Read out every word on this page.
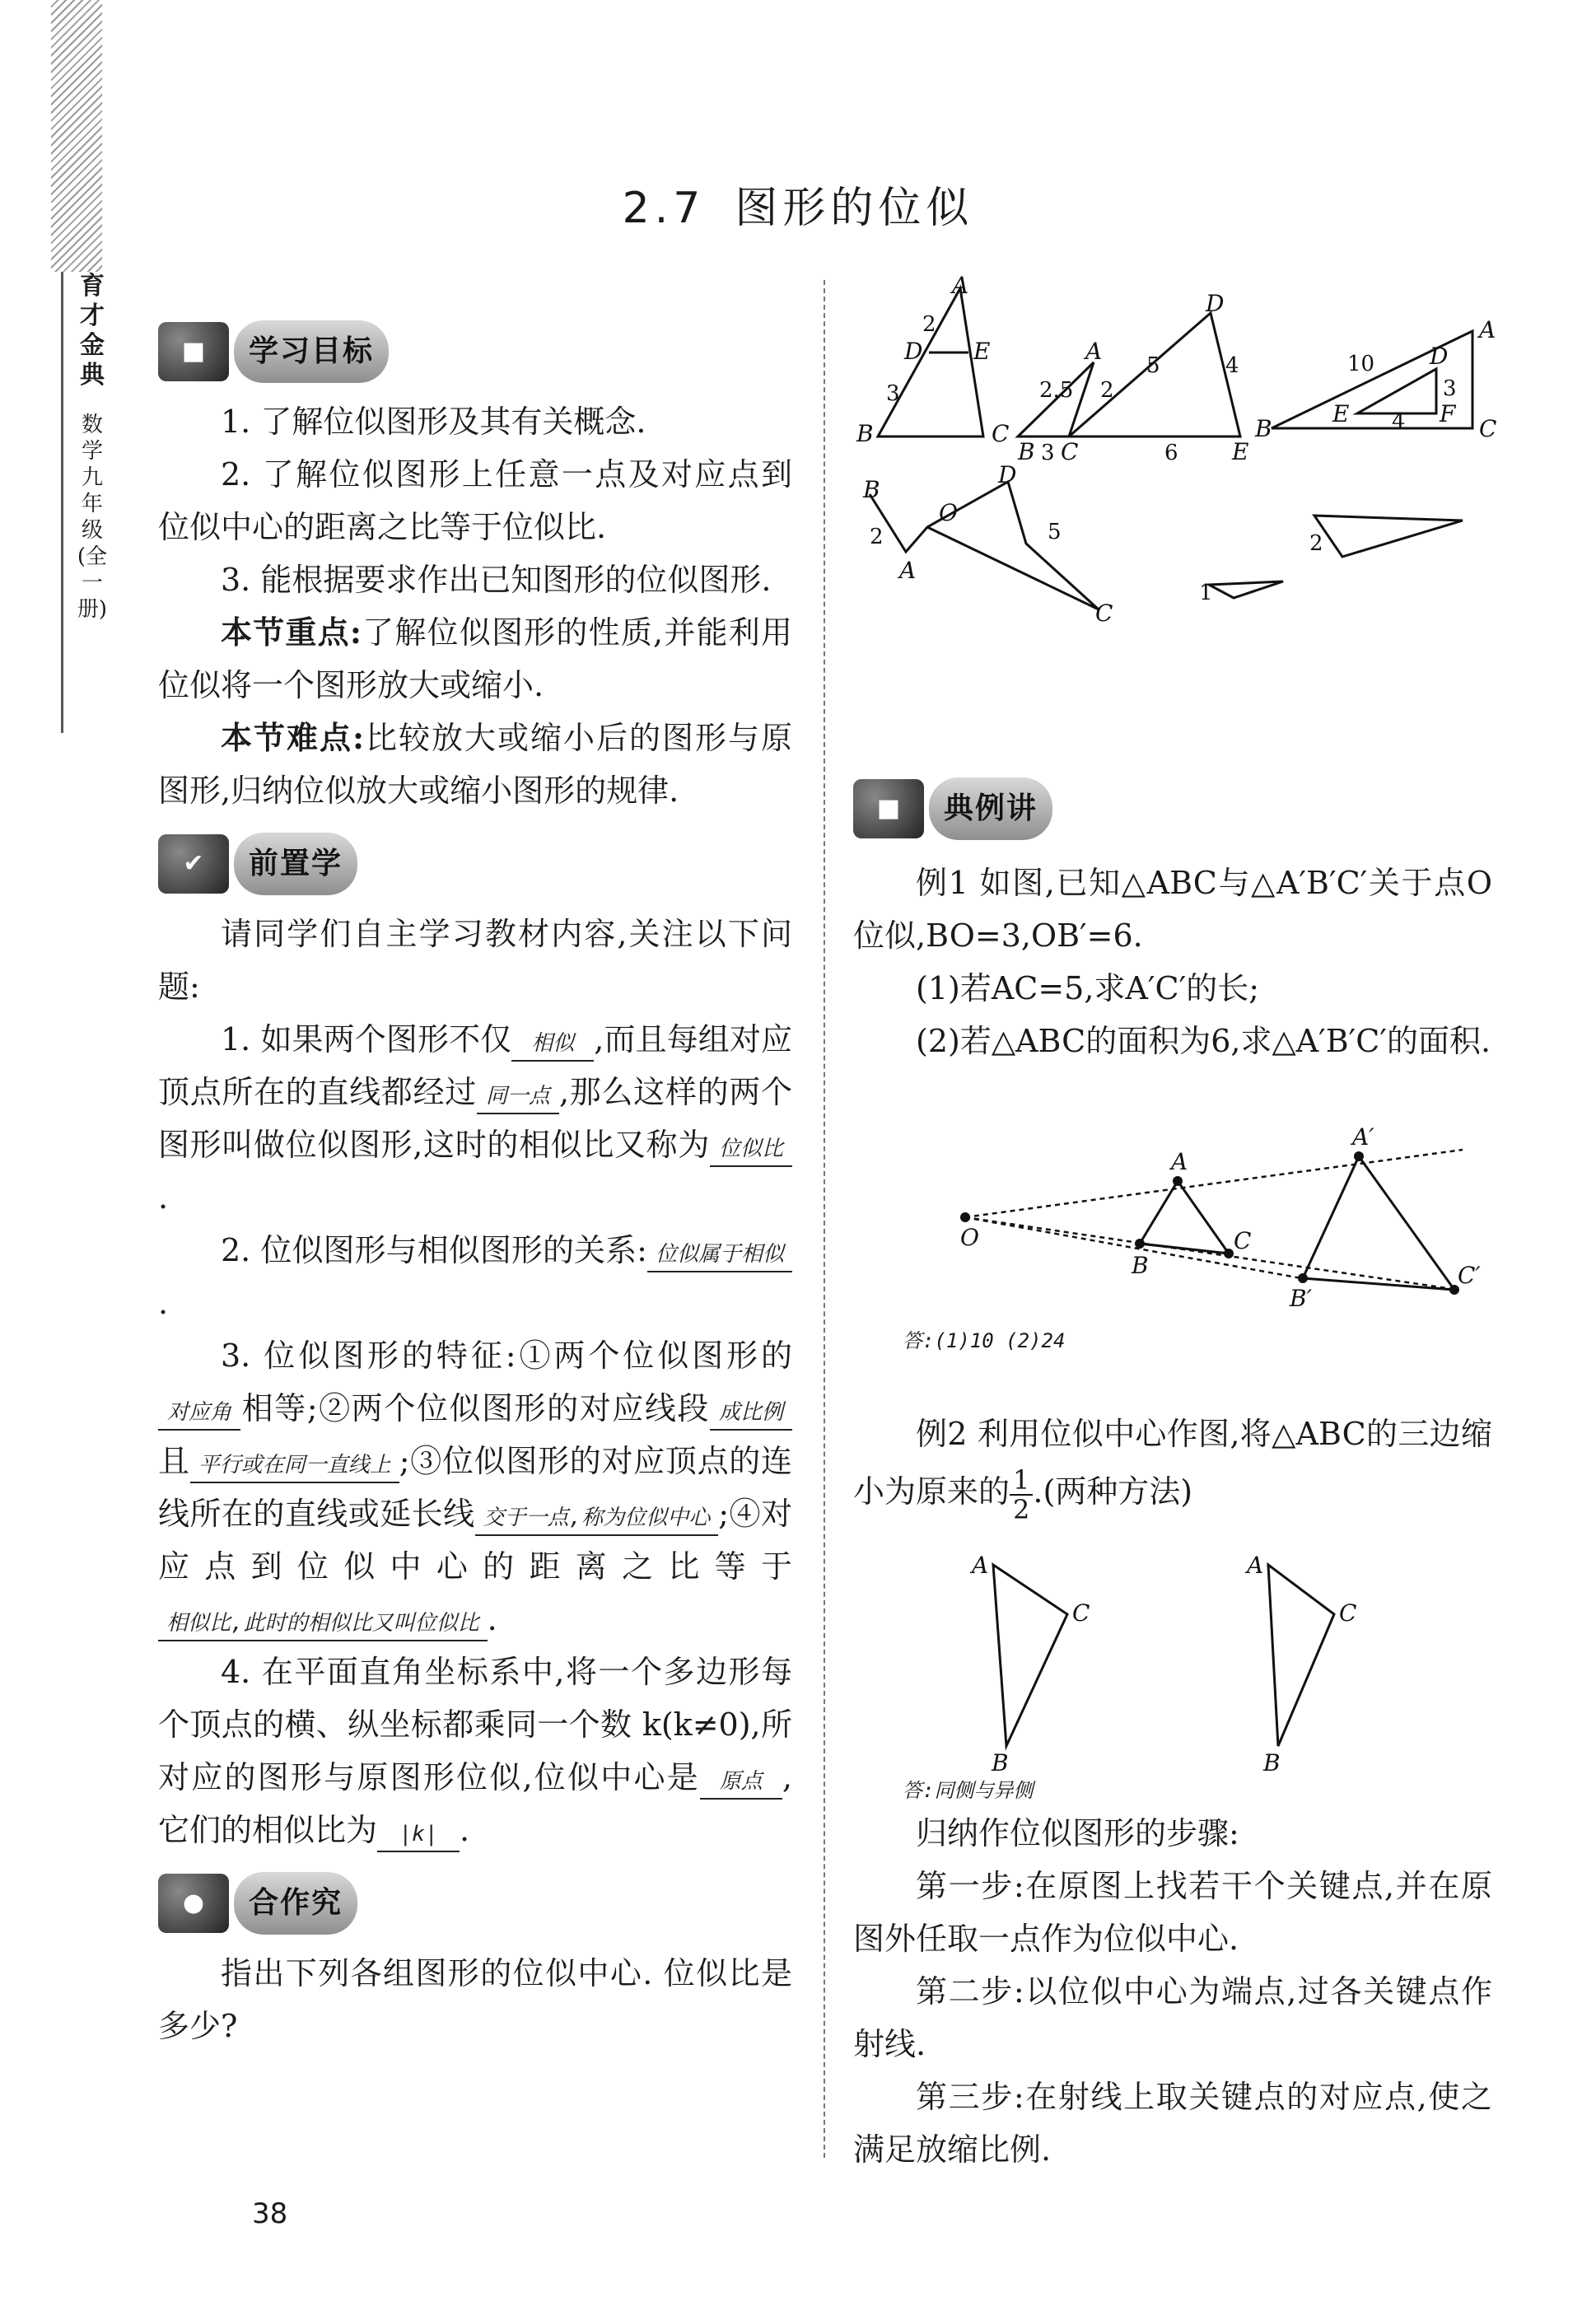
育才金典
数学 九年级(全一册)
2.7 图形的位似
■	学习目标

1. 了解位似图形及其有关概念.

2. 了解位似图形上任意一点及对应点到位似中心的距离之比等于位似比.

3. 能根据要求作出已知图形的位似图形.

本节重点:了解位似图形的性质,并能利用位似将一个图形放大或缩小.

本节难点:比较放大或缩小后的图形与原图形,归纳位似放大或缩小图形的规律.

✔	前置学

请同学们自主学习教材内容,关注以下问题:

1. 如果两个图形不仅 相似 ,而且每组对应顶点所在的直线都经过 同一点 ,那么这样的两个图形叫做位似图形,这时的相似比又称为 位似比.

2. 位似图形与相似图形的关系: 位似属于相似.

3. 位似图形的特征:①两个位似图形的对应角 相等;②两个位似图形的对应线段 成比例且 平行或在同一直线上 ;③位似图形的对应顶点的连线所在的直线或延长线 交于一点,称为位似中心 ;④对应点到位似中心的距离之比等于相似比,此时的相似比又叫位似比 .

4. 在平面直角坐标系中,将一个多边形每个顶点的横、纵坐标都乘同一个数 k(k≠0),所对应的图形与原图形位似,位似中心是 原点 ,它们的相似比为 |k| .

●	合作究

指出下列各组图形的位似中心. 位似比是多少?

A
D E
B	C
A
D
B C	E
A
D
E	F
B	C
B
A
O
D
C
2
3	2.5 2
3
5	4
6
10
3
4
2	5	2
1
■	典例讲

例1 如图,已知△ABC与△A′B′C′关于点O位似,BO=3,OB′=6.

(1)若AC=5,求A′C′的长;

(2)若△ABC的面积为6,求△A′B′C′的面积.

O
A
B
C
A′
B′
C′
答:(1)10 (2)24

例2 利用位似中心作图,将△ABC的三边缩小为原来的 $\frac{1}{2}$ .(两种方法)

A
C
B
A
C
B
答:同侧与异侧

归纳作位似图形的步骤:

第一步:在原图上找若干个关键点,并在原图外任取一点作为位似中心.

第二步:以位似中心为端点,过各关键点作射线.

第三步:在射线上取关键点的对应点,使之满足放缩比例.

38
